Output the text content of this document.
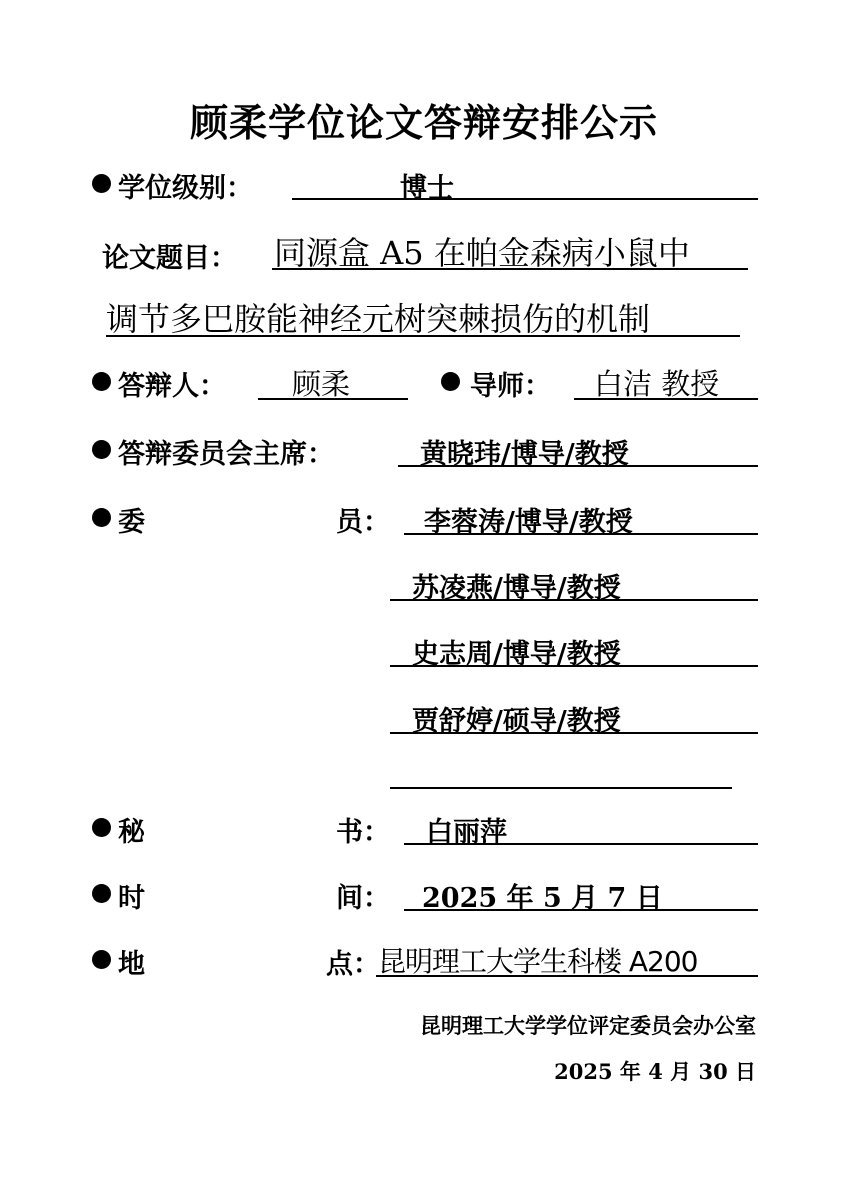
顾柔学位论文答辩安排公示
学位级别：	博士
论文题目： 同源盒 A5 在帕金森病小鼠中
调节多巴胺能神经元树突棘损伤的机制
答辩人： 顾柔	导师： 白洁 教授
答辩委员会主席：	黄晓玮/博导/教授
委	员： 李蓉涛/博导/教授
苏凌燕/博导/教授
史志周/博导/教授
贾舒婷/硕导/教授
秘	书： 白丽萍
时	间： 2025 年 5 月 7 日
地	点：
昆明理工大学生科楼 A200
昆明理工大学学位评定委员会办公室
2025 年 4 月 30 日
